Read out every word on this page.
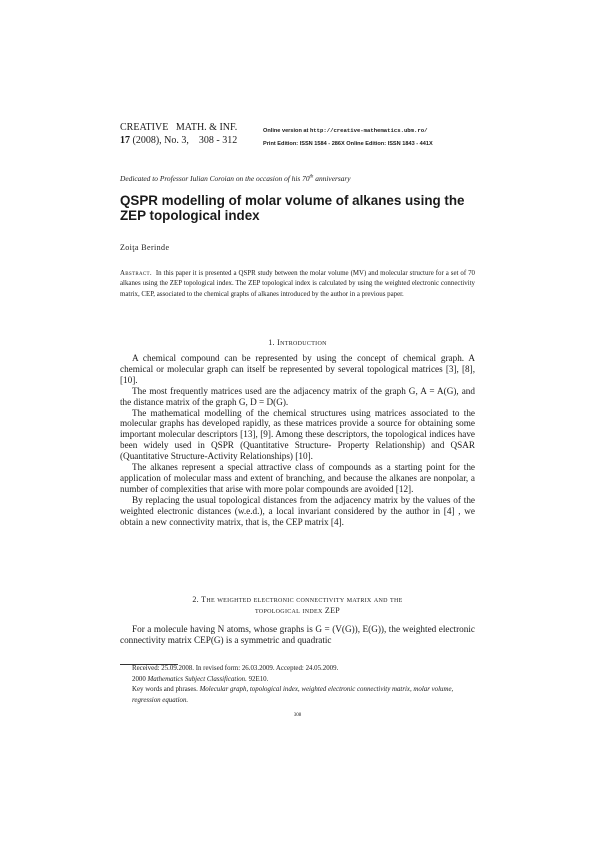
CREATIVE MATH. & INF.
17 (2008), No. 3, 308 - 312
Online version at http://creative-mathematics.ubm.ro/
Print Edition: ISSN 1584 - 286X Online Edition: ISSN 1843 - 441X
Dedicated to Professor Iulian Coroian on the occasion of his 70th anniversary
QSPR modelling of molar volume of alkanes using the ZEP topological index
Zoiţa Berinde
Abstract. In this paper it is presented a QSPR study between the molar volume (MV) and molecular structure for a set of 70 alkanes using the ZEP topological index. The ZEP topological index is calculated by using the weighted electronic connectivity matrix, CEP, associated to the chemical graphs of alkanes introduced by the author in a previous paper.
1. Introduction

A chemical compound can be represented by using the concept of chemical graph. A chemical or molecular graph can itself be represented by several topological matrices [3], [8], [10].

The most frequently matrices used are the adjacency matrix of the graph G, A = A(G), and the distance matrix of the graph G, D = D(G).

The mathematical modelling of the chemical structures using matrices associated to the molecular graphs has developed rapidly, as these matrices provide a source for obtaining some important molecular descriptors [13], [9]. Among these descriptors, the topological indices have been widely used in QSPR (Quantitative Structure- Property Relationship) and QSAR (Quantitative Structure-Activity Relationships) [10].

The alkanes represent a special attractive class of compounds as a starting point for the application of molecular mass and extent of branching, and because the alkanes are nonpolar, a number of complexities that arise with more polar compounds are avoided [12].

By replacing the usual topological distances from the adjacency matrix by the values of the weighted electronic distances (w.e.d.), a local invariant considered by the author in [4] , we obtain a new connectivity matrix, that is, the CEP matrix [4].

2. The weighted electronic connectivity matrix and the
topological index ZEP

For a molecule having N atoms, whose graphs is G = (V(G)), E(G)), the weighted electronic connectivity matrix CEP(G) is a symmetric and quadratic

Received: 25.09.2008. In revised form: 26.03.2009. Accepted: 24.05.2009.

2000 Mathematics Subject Classification. 92E10.

Key words and phrases. Molecular graph, topological index, weighted electronic connectivity matrix, molar volume, regression equation.

308
